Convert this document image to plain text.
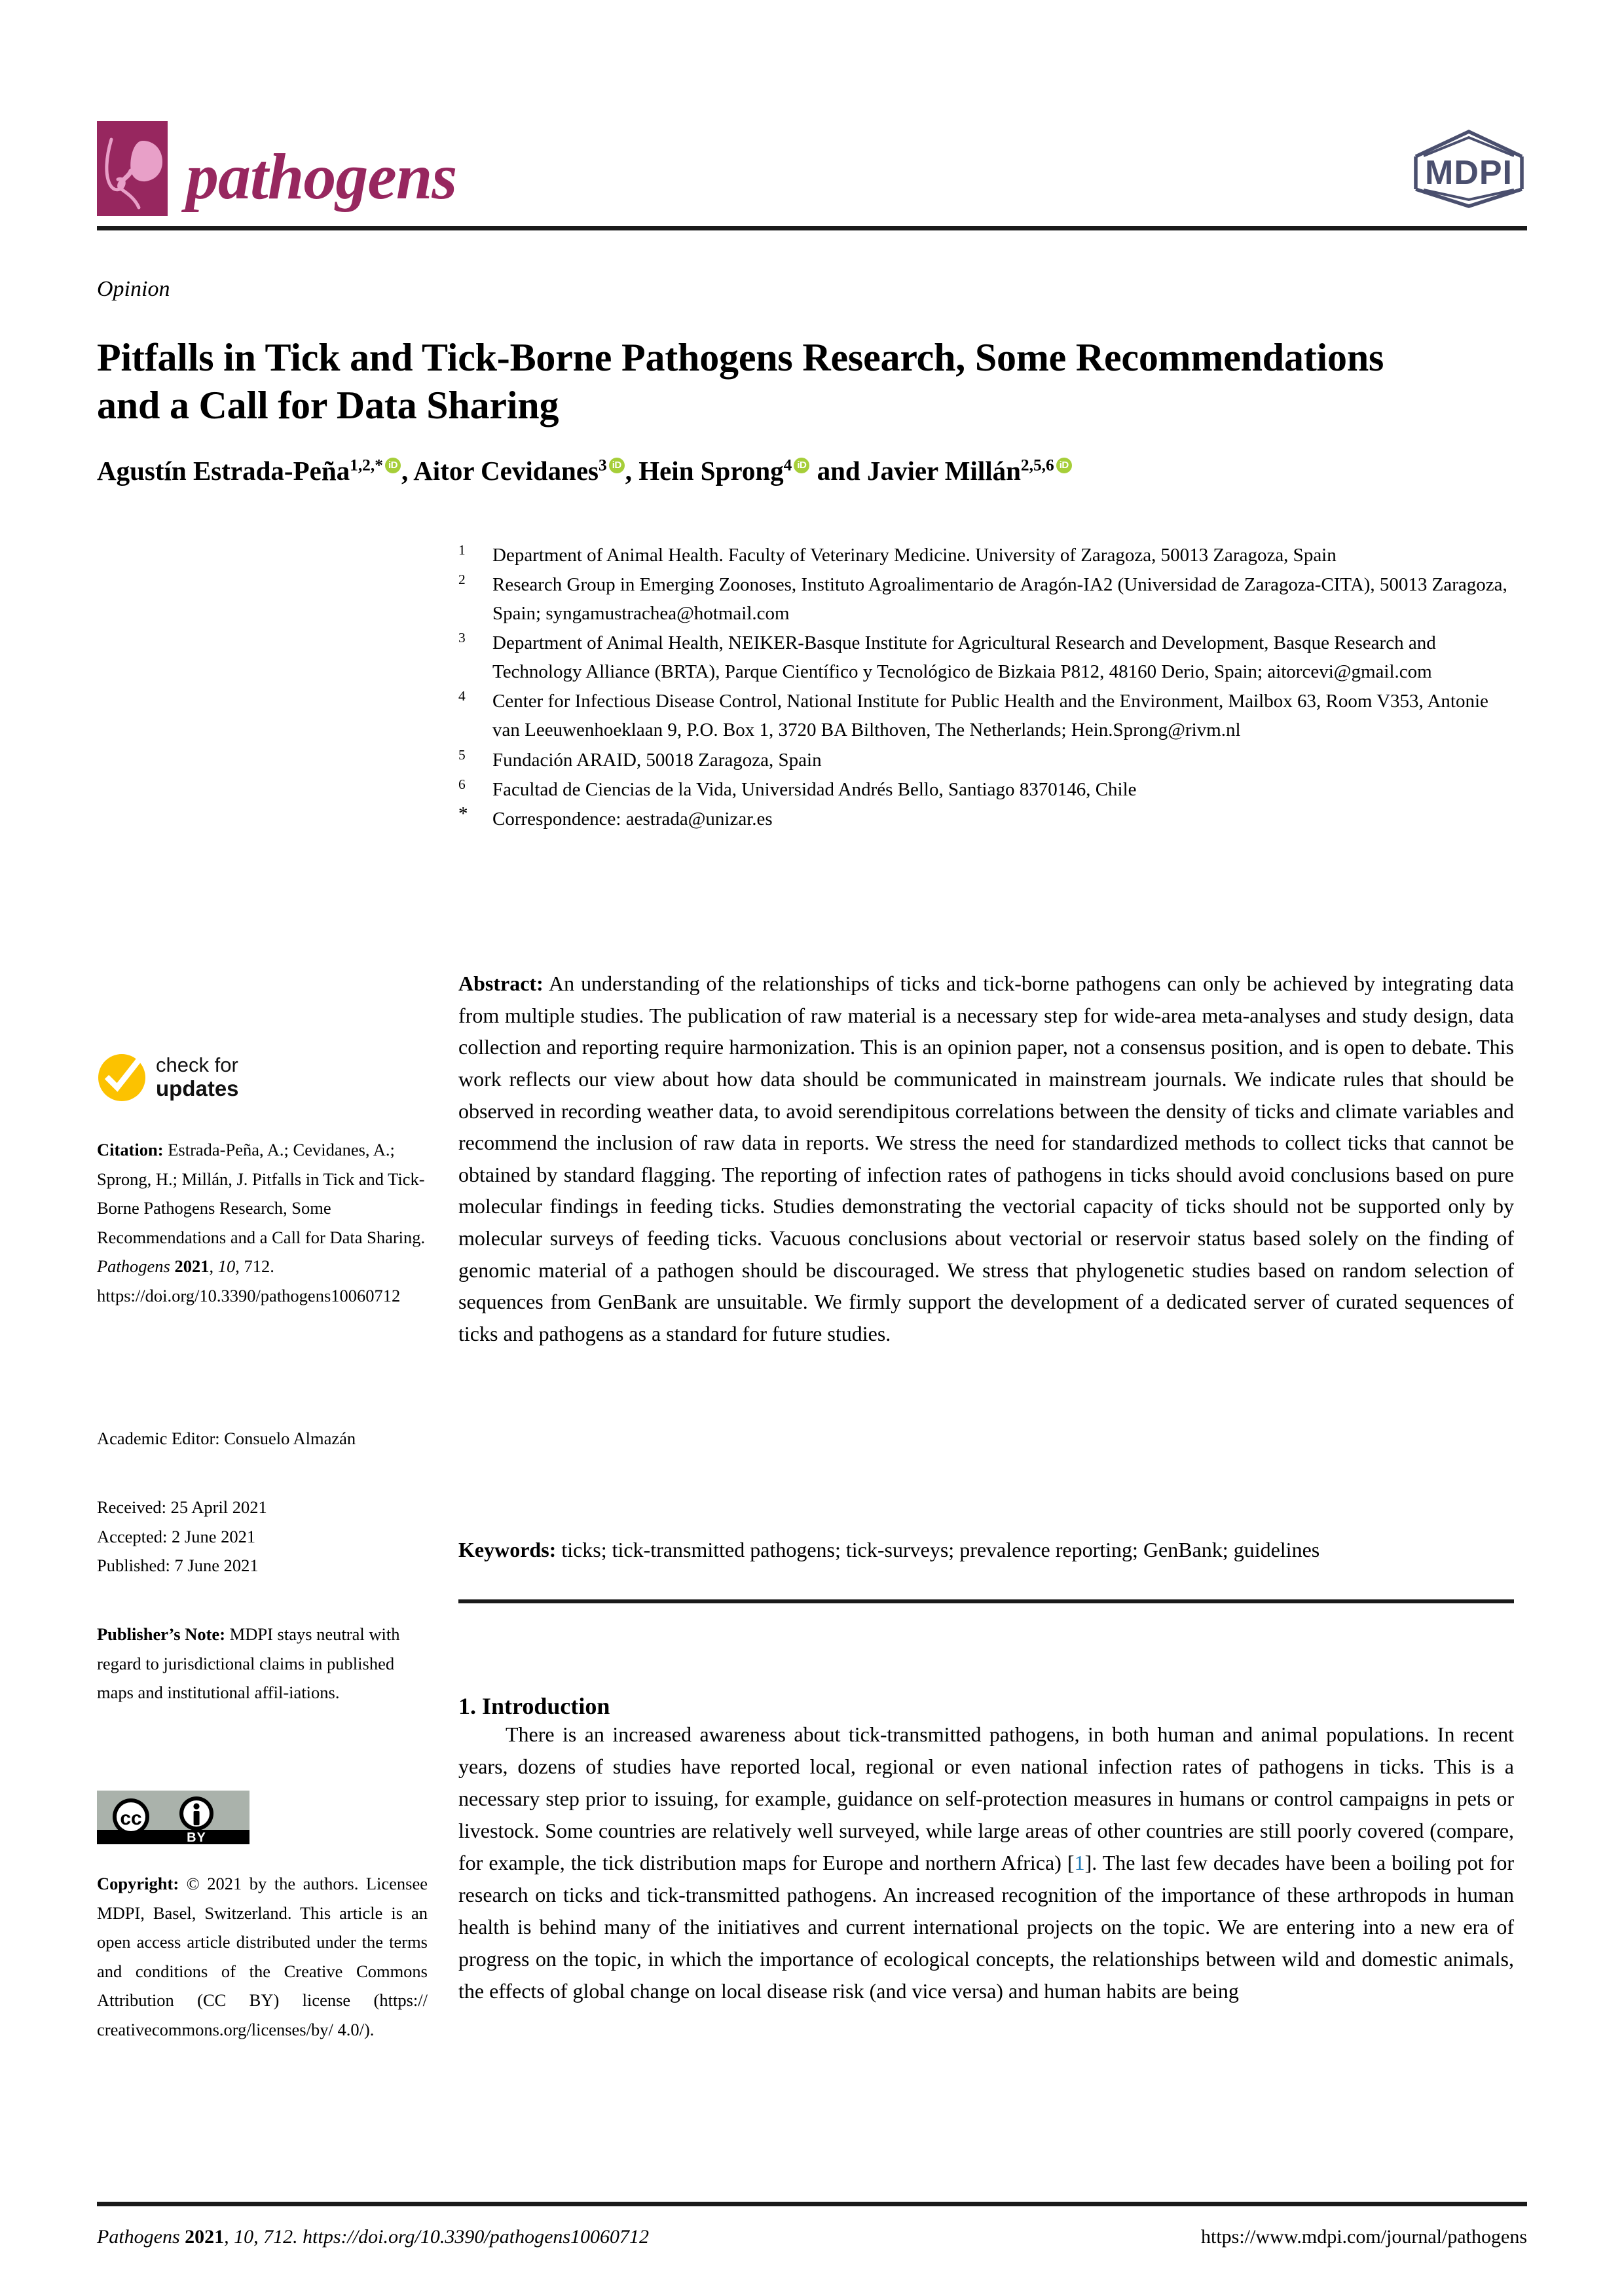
pathogens	MDPI
Opinion
Pitfalls in Tick and Tick-Borne Pathogens Research, Some Recommendations and a Call for Data Sharing
Agustín Estrada-Peña$^{1,2,*}$ iD , Aitor Cevidanes$^3$ iD , Hein Sprong$^4$ iD and Javier Millán$^{2,5,6}$ iD
1	Department of Animal Health. Faculty of Veterinary Medicine. University of Zaragoza, 50013 Zaragoza, Spain
2	Research Group in Emerging Zoonoses, Instituto Agroalimentario de Aragón-IA2 (Universidad de Zaragoza-CITA), 50013 Zaragoza, Spain; syngamustrachea@hotmail.com
3	Department of Animal Health, NEIKER-Basque Institute for Agricultural Research and Development, Basque Research and Technology Alliance (BRTA), Parque Científico y Tecnológico de Bizkaia P812, 48160 Derio, Spain; aitorcevi@gmail.com
4	Center for Infectious Disease Control, National Institute for Public Health and the Environment, Mailbox 63, Room V353, Antonie van Leeuwenhoeklaan 9, P.O. Box 1, 3720 BA Bilthoven, The Netherlands; Hein.Sprong@rivm.nl
5	Fundación ARAID, 50018 Zaragoza, Spain
6	Facultad de Ciencias de la Vida, Universidad Andrés Bello, Santiago 8370146, Chile
*	Correspondence: aestrada@unizar.es
Abstract: An understanding of the relationships of ticks and tick-borne pathogens can only be achieved by integrating data from multiple studies. The publication of raw material is a necessary step for wide-area meta-analyses and study design, data collection and reporting require harmonization. This is an opinion paper, not a consensus position, and is open to debate. This work reflects our view about how data should be communicated in mainstream journals. We indicate rules that should be observed in recording weather data, to avoid serendipitous correlations between the density of ticks and climate variables and recommend the inclusion of raw data in reports. We stress the need for standardized methods to collect ticks that cannot be obtained by standard flagging. The reporting of infection rates of pathogens in ticks should avoid conclusions based on pure molecular findings in feeding ticks. Studies demonstrating the vectorial capacity of ticks should not be supported only by molecular surveys of feeding ticks. Vacuous conclusions about vectorial or reservoir status based solely on the finding of genomic material of a pathogen should be discouraged. We stress that phylogenetic studies based on random selection of sequences from GenBank are unsuitable. We firmly support the development of a dedicated server of curated sequences of ticks and pathogens as a standard for future studies.
Keywords: ticks; tick-transmitted pathogens; tick-surveys; prevalence reporting; GenBank; guidelines
1. Introduction
There is an increased awareness about tick-transmitted pathogens, in both human and animal populations. In recent years, dozens of studies have reported local, regional or even national infection rates of pathogens in ticks. This is a necessary step prior to issuing, for example, guidance on self-protection measures in humans or control campaigns in pets or livestock. Some countries are relatively well surveyed, while large areas of other countries are still poorly covered (compare, for example, the tick distribution maps for Europe and northern Africa) [1]. The last few decades have been a boiling pot for research on ticks and tick-transmitted pathogens. An increased recognition of the importance of these arthropods in human health is behind many of the initiatives and current international projects on the topic. We are entering into a new era of progress on the topic, in which the importance of ecological concepts, the relationships between wild and domestic animals, the effects of global change on local disease risk (and vice versa) and human habits are being
check for
updates
Citation: Estrada-Peña, A.; Cevidanes, A.; Sprong, H.; Millán, J. Pitfalls in Tick and Tick-Borne Pathogens Research, Some Recommendations and a Call for Data Sharing. Pathogens 2021, 10, 712. https://doi.org/10.3390/pathogens10060712
Academic Editor: Consuelo Almazán
Received: 25 April 2021
Accepted: 2 June 2021
Published: 7 June 2021
Publisher’s Note: MDPI stays neutral with regard to jurisdictional claims in published maps and institutional affil-iations.
cc
BY
Copyright: © 2021 by the authors. Licensee MDPI, Basel, Switzerland. This article is an open access article distributed under the terms and conditions of the Creative Commons Attribution (CC BY) license (https:// creativecommons.org/licenses/by/ 4.0/).
Pathogens 2021, 10, 712. https://doi.org/10.3390/pathogens10060712	https://www.mdpi.com/journal/pathogens
